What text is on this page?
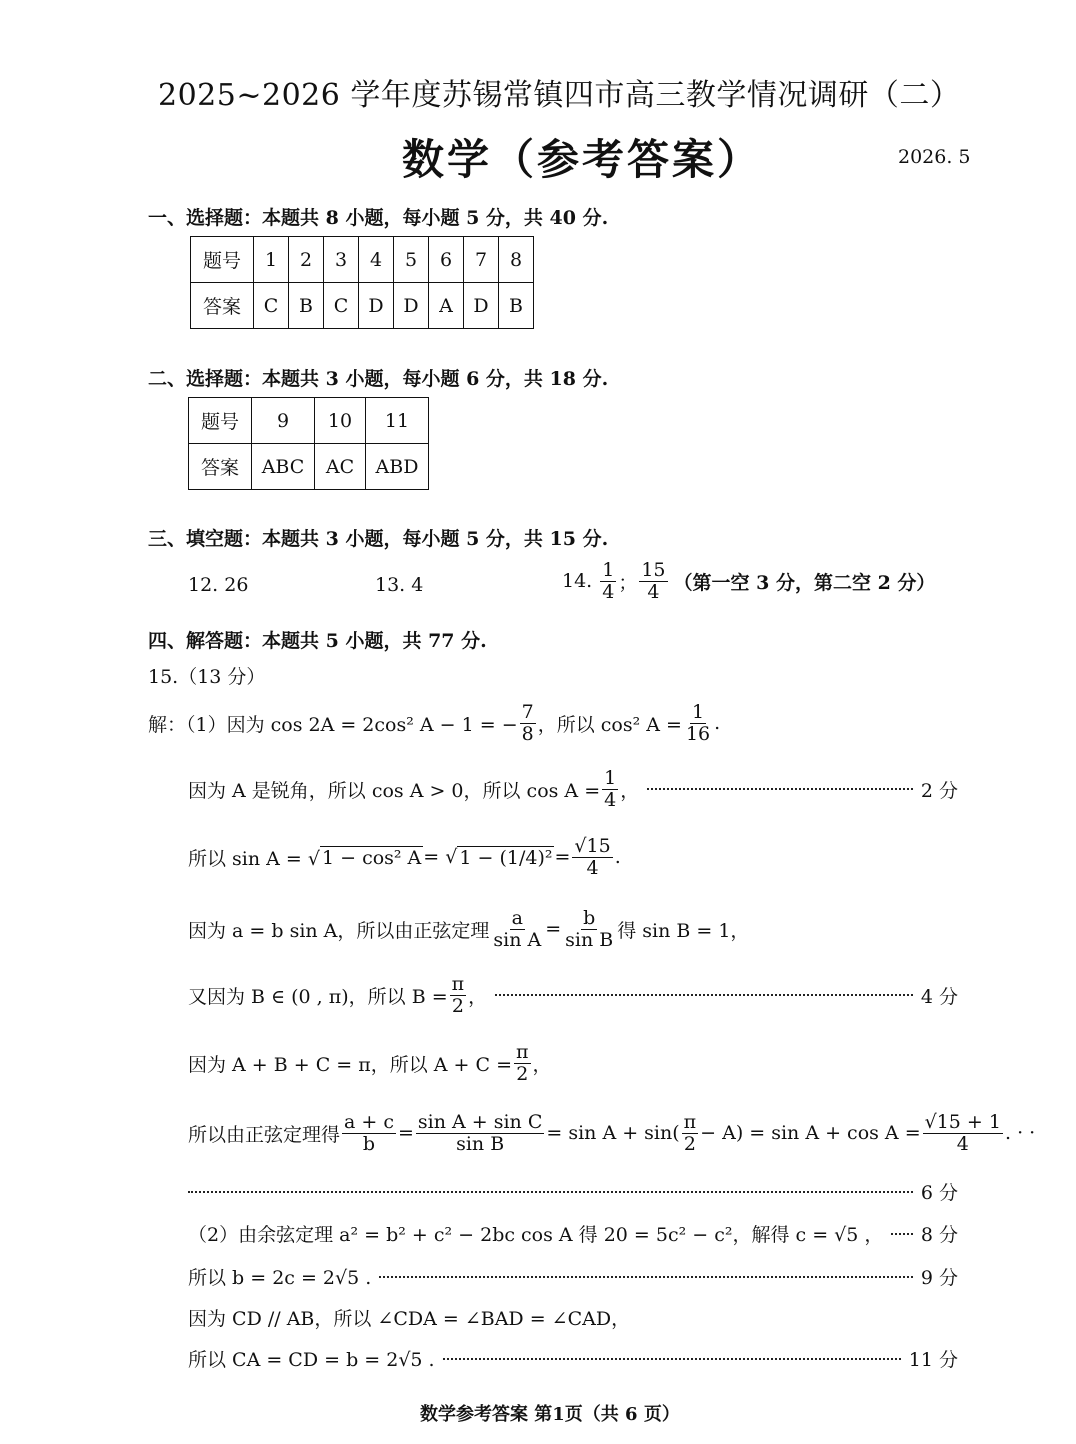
2025~2026 学年度苏锡常镇四市高三教学情况调研（二）
数学（参考答案）	2026. 5
一、选择题：本题共 8 小题，每小题 5 分，共 40 分.
题号	1	2	3	4	5	6	7	8
答案	C	B	C	D	D	A	D	B
二、选择题：本题共 3 小题，每小题 6 分，共 18 分.
题号	9	10	11
答案	ABC	AC	ABD
三、填空题：本题共 3 小题，每小题 5 分，共 15 分.
12. 26	13. 4	14. $\frac{1}{4}$ ； $\frac{15}{4}$ （第一空 3 分，第二空 2 分）
四、解答题：本题共 5 小题，共 77 分.
15.（13 分）
解：（1）因为 cos 2A = 2cos² A − 1 = − $\frac{7}{8}$ ，所以 cos² $A = \frac{1}{16}$ .
因为 A 是锐角，所以 cos A > 0，所以 $\cos A = \frac{1}{4}$ ，	2 分
所以 sin A = √ 1 − cos² A = √ $1 - (1/4)^2 = \frac{√15}{4}$ .
因为 a = b sin A，所以由正弦定理 $\frac{a}{\text{sin A}} = \frac{b}{\text{sin B}}$ 得 sin B = 1，
又因为 B ∈ (0 , π)，所以 $B = \frac{\pi}{2}$ ，	4 分
因为 A + B + C = π，所以 $A + C = \frac{\pi}{2}$ ，
所以由正弦定理得 $\frac{a + c}{b} = \frac{\text{sin A + sin C}}{\text{sin B}} = \sin A + \sin( \frac{\pi}{2} - A) = \sin A + \cos A = \frac{√15 + 1}{4}$ . · ·
6 分
（2）由余弦定理 a² = b² + c² − 2bc cos A 得 20 = 5c² − c²，解得 c = √5 ， 8 分
所以 b = 2c = 2√5 .	9 分
因为 CD // AB，所以 ∠CDA = ∠BAD = ∠CAD，
所以 CA = CD = b = 2√5 .	11 分
数学参考答案 第1页（共 6 页）
